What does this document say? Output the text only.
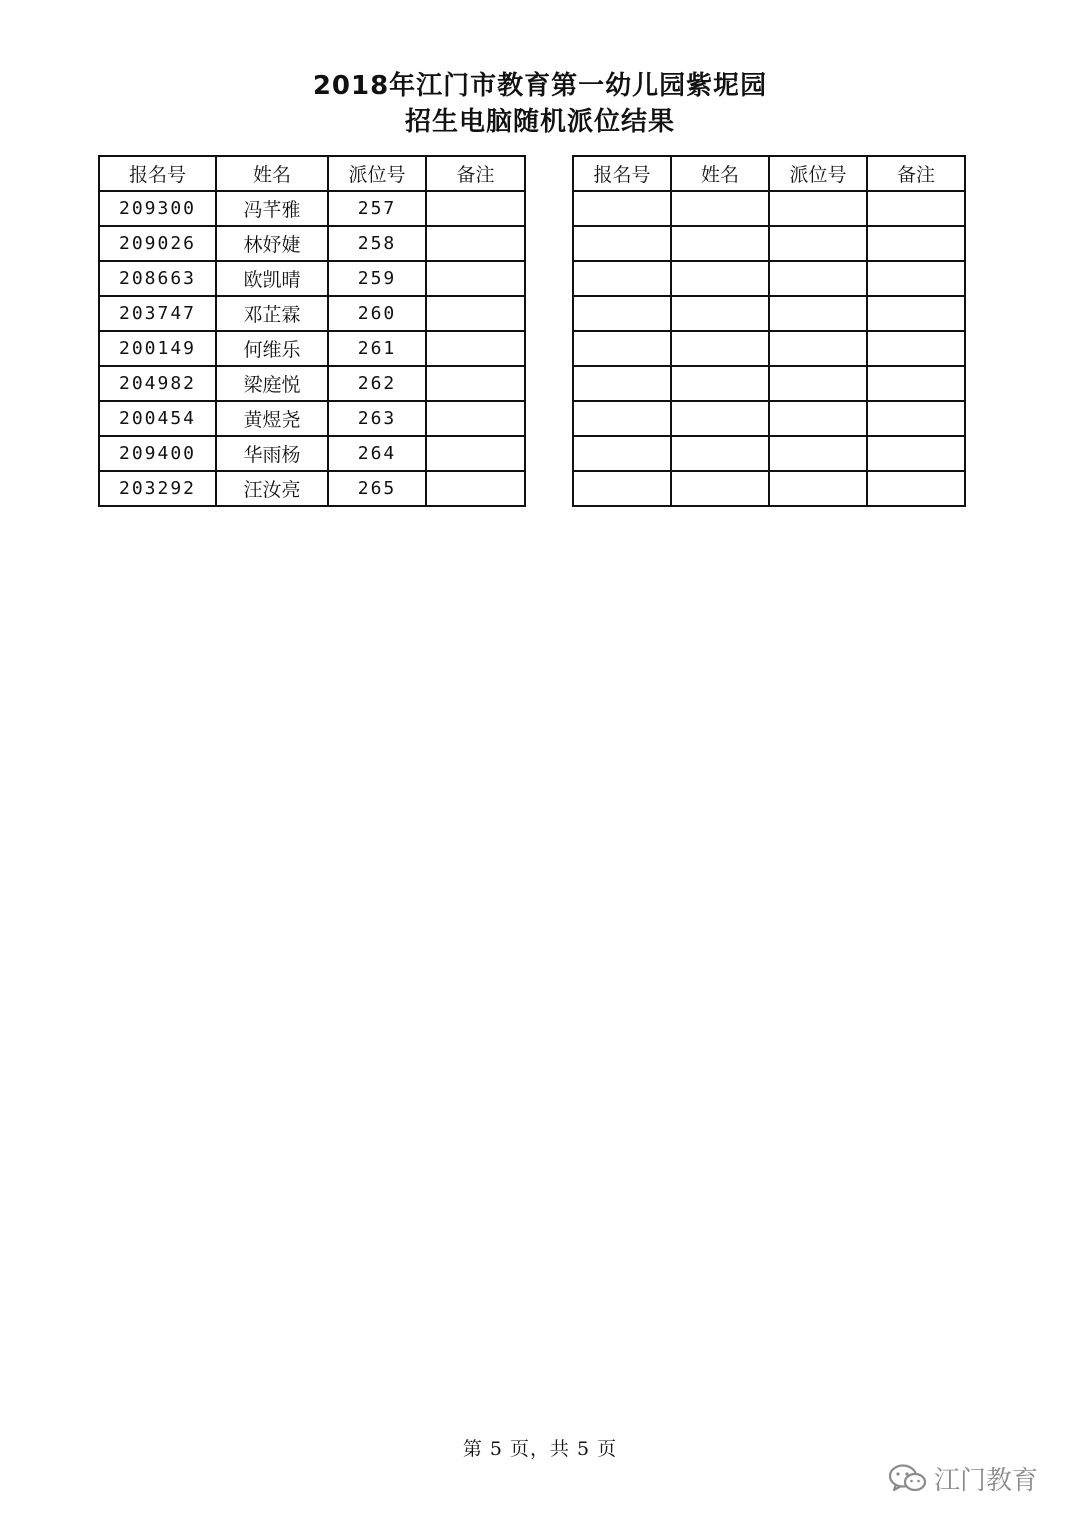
2018年江门市教育第一幼儿园紫坭园
招生电脑随机派位结果
报名号	姓名	派位号	备注
209300	冯芊雅	257	
209026	林妤婕	258	
208663	欧凯晴	259	
203747	邓芷霖	260	
200149	何维乐	261	
204982	梁庭悦	262	
200454	黄煜尧	263	
209400	华雨杨	264	
203292	汪汝亮	265	
报名号	姓名	派位号	备注

第 5 页，共 5 页
江门教育
